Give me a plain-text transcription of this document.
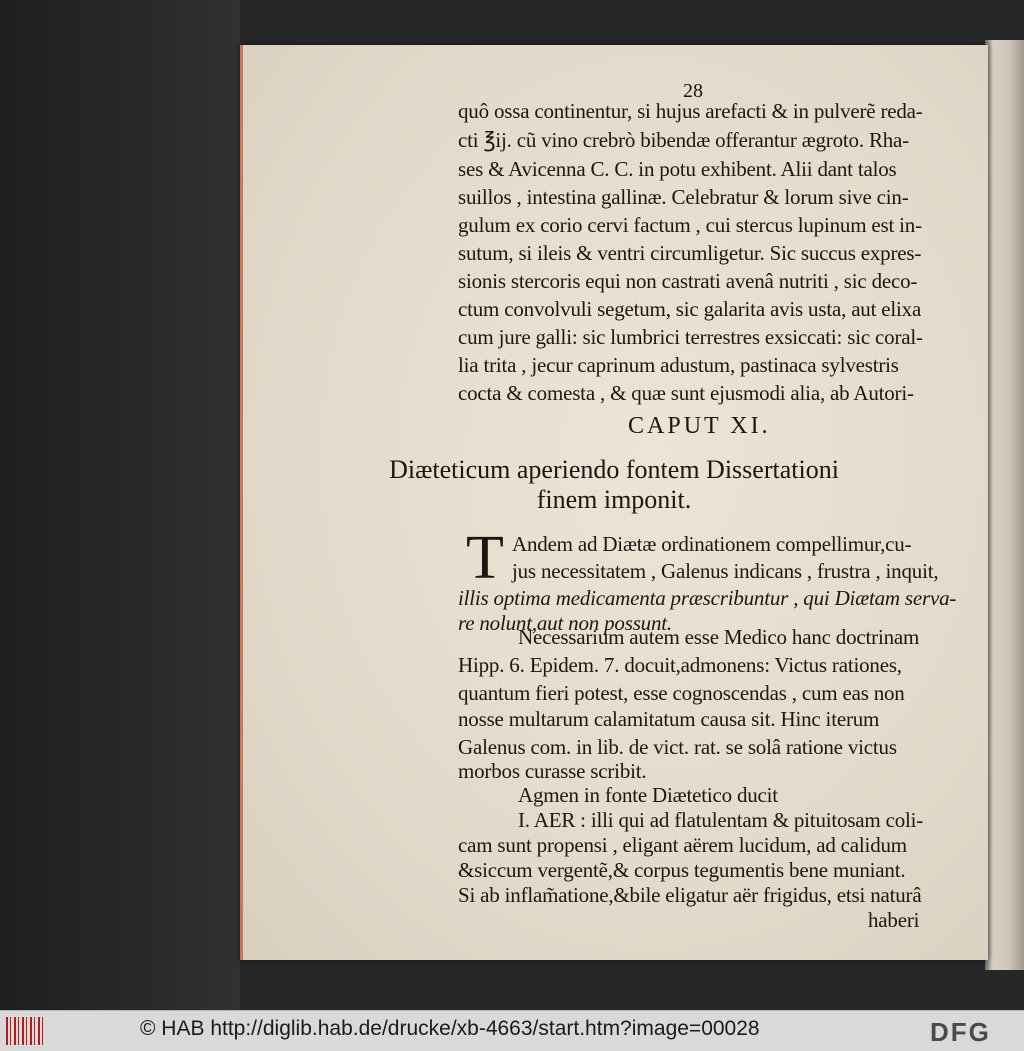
28
quô ossa continentur, si hujus arefacti & in pulverẽ reda-
cti ℥ij. cũ vino crebrò bibendæ offerantur ægroto. Rha-
ses & Avicenna C. C. in potu exhibent. Alii dant talos
suillos , intestina gallinæ. Celebratur & lorum sive cin-
gulum ex corio cervi factum , cui stercus lupinum est in-
sutum, si ileis & ventri circumligetur. Sic succus expres-
sionis stercoris equi non castrati avenâ nutriti , sic deco-
ctum convolvuli segetum, sic galarita avis usta, aut elixa
cum jure galli: sic lumbrici terrestres exsiccati: sic coral-
lia trita , jecur caprinum adustum, pastinaca sylvestris
cocta & comesta , & quæ sunt ejusmodi alia, ab Autori-
CAPUT XI.
Diæteticum aperiendo fontem Dissertationi
finem imponit.
T Andem ad Diætæ ordinationem compellimur,cu-
jus necessitatem , Galenus indicans , frustra , inquit,
illis optima medicamenta præscribuntur , qui Diætam serva-
re nolunt,aut non possunt.
Necessarium autem esse Medico hanc doctrinam
Hipp. 6. Epidem. 7. docuit,admonens: Victus rationes,
quantum fieri potest, esse cognoscendas , cum eas non
nosse multarum calamitatum causa sit. Hinc iterum
Galenus com. in lib. de vict. rat. se solâ ratione victus
morbos curasse scribit.
Agmen in fonte Diætetico ducit
I. AER : illi qui ad flatulentam & pituitosam coli-
cam sunt propensi , eligant aërem lucidum, ad calidum
&siccum vergentẽ,& corpus tegumentis bene muniant.
Si ab inflam̃atione,&bile eligatur aër frigidus, etsi naturâ
haberi
© HAB http://diglib.hab.de/drucke/xb-4663/start.htm?image=00028	DFG
